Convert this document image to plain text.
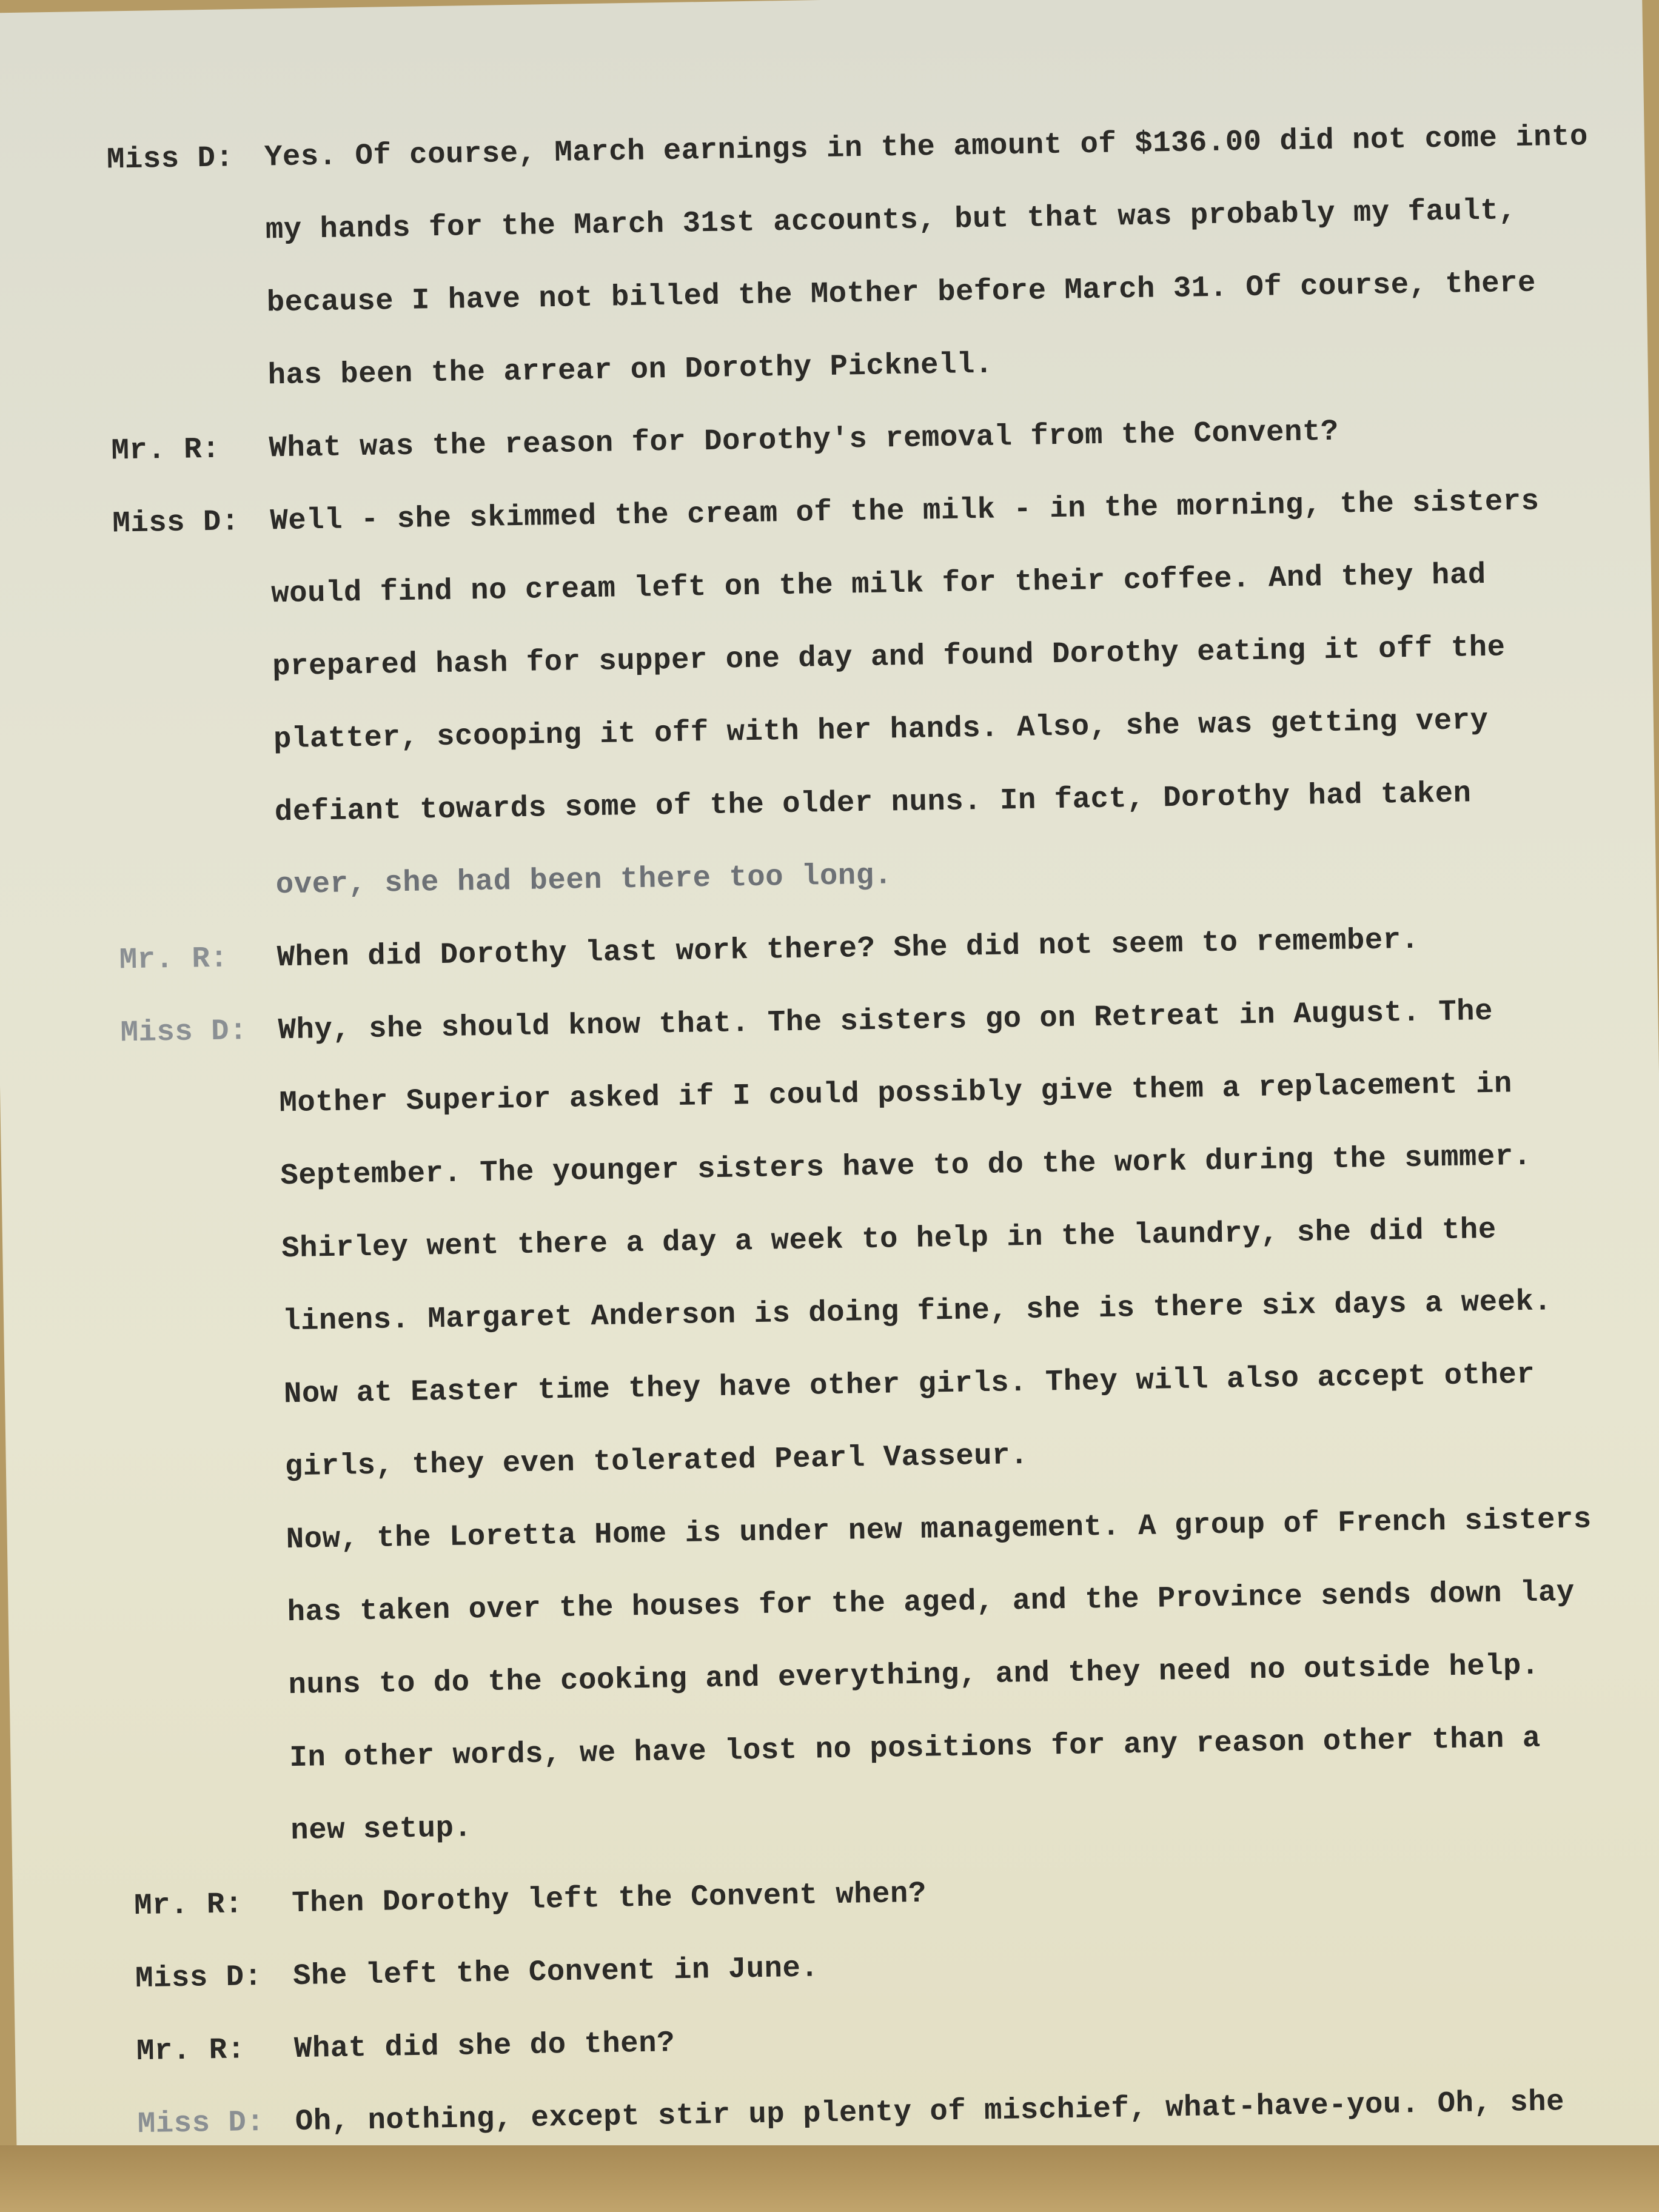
Miss D:	Yes. Of course, March earnings in the amount of $136.00 did not come into
my hands for the March 31st accounts, but that was probably my fault,
because I have not billed the Mother before March 31. Of course, there
has been the arrear on Dorothy Picknell.
Mr. R:	What was the reason for Dorothy's removal from the Convent?
Miss D:	Well - she skimmed the cream of the milk - in the morning, the sisters
would find no cream left on the milk for their coffee. And they had
prepared hash for supper one day and found Dorothy eating it off the
platter, scooping it off with her hands. Also, she was getting very
defiant towards some of the older nuns. In fact, Dorothy had taken
over, she had been there too long.
Mr. R:	When did Dorothy last work there? She did not seem to remember.
Miss D:	Why, she should know that. The sisters go on Retreat in August. The
Mother Superior asked if I could possibly give them a replacement in
September. The younger sisters have to do the work during the summer.
Shirley went there a day a week to help in the laundry, she did the
linens. Margaret Anderson is doing fine, she is there six days a week.
Now at Easter time they have other girls. They will also accept other
girls, they even tolerated Pearl Vasseur.
Now, the Loretta Home is under new management. A group of French sisters
has taken over the houses for the aged, and the Province sends down lay
nuns to do the cooking and everything, and they need no outside help.
In other words, we have lost no positions for any reason other than a
new setup.
Mr. R:	Then Dorothy left the Convent when?
Miss D:	She left the Convent in June.
Mr. R:	What did she do then?
Miss D:	Oh, nothing, except stir up plenty of mischief, what-have-you. Oh, she
